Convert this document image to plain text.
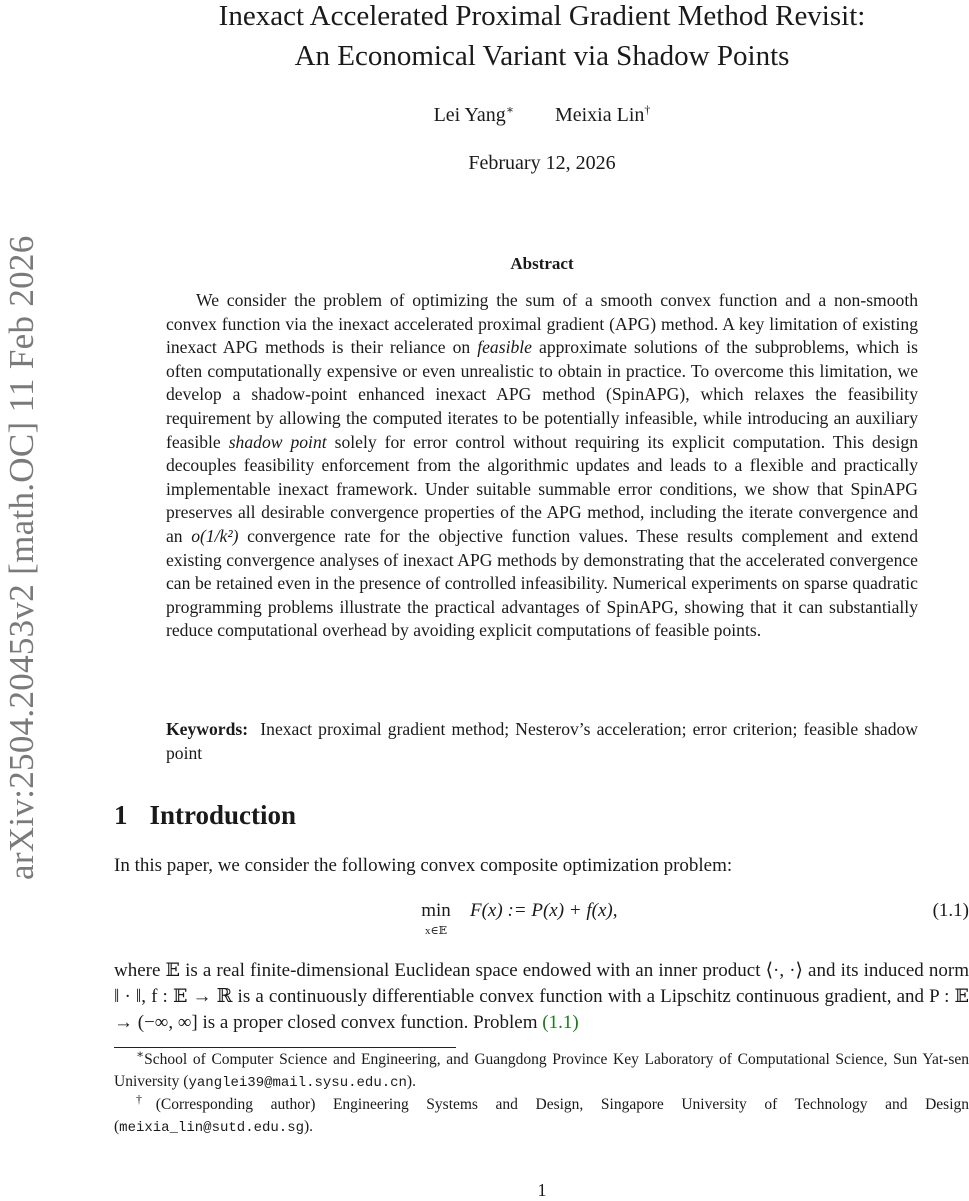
arXiv:2504.20453v2 [math.OC] 11 Feb 2026
Inexact Accelerated Proximal Gradient Method Revisit:
An Economical Variant via Shadow Points
Lei Yang∗ Meixia Lin†
February 12, 2026
Abstract

We consider the problem of optimizing the sum of a smooth convex function and a non-smooth convex function via the inexact accelerated proximal gradient (APG) method. A key limitation of existing inexact APG methods is their reliance on feasible approximate solutions of the subproblems, which is often computationally expensive or even unrealistic to obtain in practice. To overcome this limitation, we develop a shadow-point enhanced inexact APG method (SpinAPG), which relaxes the feasibility requirement by allowing the computed iterates to be potentially infeasible, while introducing an auxiliary feasible shadow point solely for error control without requiring its explicit computation. This design decouples feasibility enforcement from the algorithmic updates and leads to a flexible and practically implementable inexact framework. Under suitable summable error conditions, we show that SpinAPG preserves all desirable convergence properties of the APG method, including the iterate convergence and an o(1/k²) convergence rate for the objective function values. These results complement and extend existing convergence analyses of inexact APG methods by demonstrating that the accelerated convergence can be retained even in the presence of controlled infeasibility. Numerical experiments on sparse quadratic programming problems illustrate the practical advantages of SpinAPG, showing that it can substantially reduce computational overhead by avoiding explicit computations of feasible points.

Keywords: Inexact proximal gradient method; Nesterov’s acceleration; error criterion; feasible shadow point
1 Introduction
In this paper, we consider the following convex composite optimization problem:
min
x∈𝔼
F(x) := P(x) + f(x),	(1.1)
where 𝔼 is a real finite-dimensional Euclidean space endowed with an inner product ⟨·, ·⟩ and its induced norm ‖ · ‖, f : 𝔼 → ℝ is a continuously differentiable convex function with a Lipschitz continuous gradient, and P : 𝔼 → (−∞, ∞] is a proper closed convex function. Problem (1.1)

∗School of Computer Science and Engineering, and Guangdong Province Key Laboratory of Computational Science, Sun Yat-sen University (yanglei39@mail.sysu.edu.cn).

†(Corresponding author) Engineering Systems and Design, Singapore University of Technology and Design (meixia_lin@sutd.edu.sg).

1
